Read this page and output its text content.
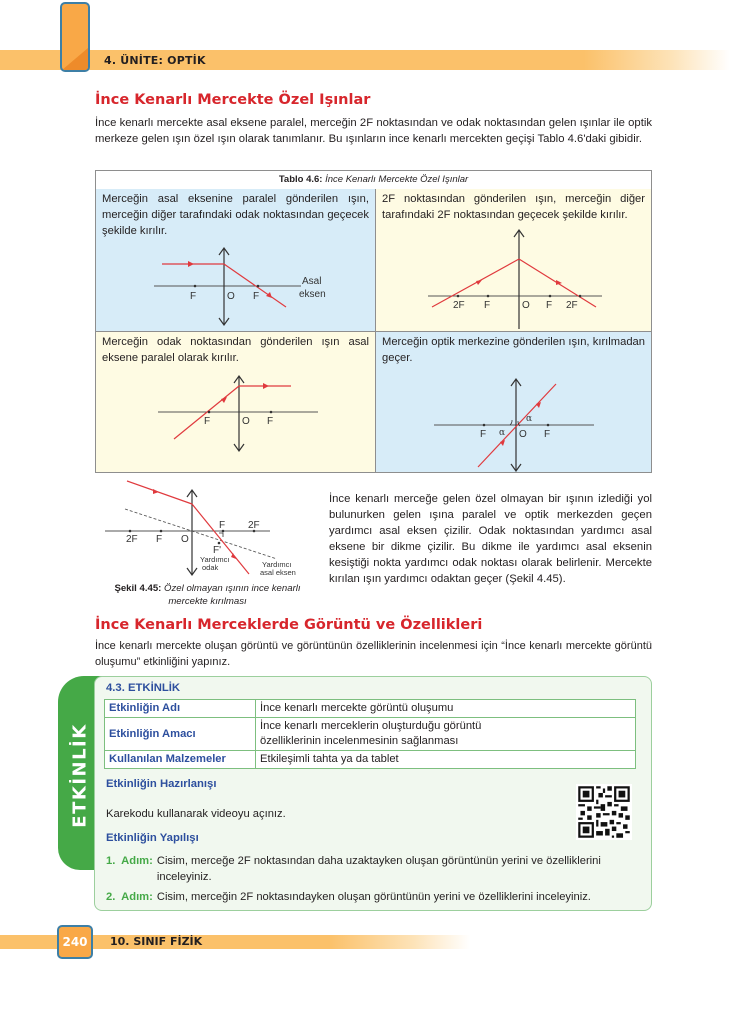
4. ÜNİTE: OPTİK
İnce Kenarlı Mercekte Özel Işınlar
İnce kenarlı mercekte asal eksene paralel, merceğin 2F noktasından ve odak noktasından gelen ışınlar ile optik merkeze gelen ışın özel ışın olarak tanımlanır. Bu ışınların ince kenarlı mercekten geçişi Tablo 4.6'daki gibidir.
Tablo 4.6: İnce Kenarlı Mercekte Özel Işınlar
Merceğin asal eksenine paralel gönderilen ışın, merceğin diğer tarafındaki odak noktasından geçecek şekilde kırılır.
F	O F
Asal
eksen
2F noktasından gönderilen ışın, merceğin diğer tarafındaki 2F noktasından geçecek şekilde kırılır.
2F F	O F 2F
Merceğin odak noktasından gönderilen ışın asal eksene paralel olarak kırılır.
F	O F
Merceğin optik merkezine gönderilen ışın, kırılmadan geçer.
F α O
α
F
2F F O
F 2F
F'
Yardımcı
odak	Yardımcı
asal eksen
Şekil 4.45: Özel olmayan ışının ince kenarlı mercekte kırılması
İnce kenarlı merceğe gelen özel olmayan bir ışının izlediği yol bulunurken gelen ışına paralel ve optik merkezden geçen yardımcı asal eksen çizilir. Odak noktasından yardımcı asal eksene bir dikme çizilir. Bu dikme ile yardımcı asal eksenin kesiştiği nokta yardımcı odak noktası olarak belirlenir. Mercekte kırılan ışın yardımcı odaktan geçer (Şekil 4.45).
İnce Kenarlı Merceklerde Görüntü ve Özellikleri
İnce kenarlı mercekte oluşan görüntü ve görüntünün özelliklerinin incelenmesi için “İnce kenarlı mercekte görüntü oluşumu” etkinliğini yapınız.
ETKİNLİK
4.3. ETKİNLİK
Etkinliğin Adı	İnce kenarlı mercekte görüntü oluşumu
Etkinliğin Amacı	İnce kenarlı merceklerin oluşturduğu görüntü özelliklerinin incelenmesinin sağlanması
Kullanılan Malzemeler	Etkileşimli tahta ya da tablet
Etkinliğin Hazırlanışı
Karekodu kullanarak videoyu açınız.
Etkinliğin Yapılışı
1. Adım: Cisim, merceğe 2F noktasından daha uzaktayken oluşan görüntünün yerini ve özelliklerini inceleyiniz.
2. Adım: Cisim, merceğin 2F noktasındayken oluşan görüntünün yerini ve özelliklerini inceleyiniz.
240 10. SINIF FİZİK
